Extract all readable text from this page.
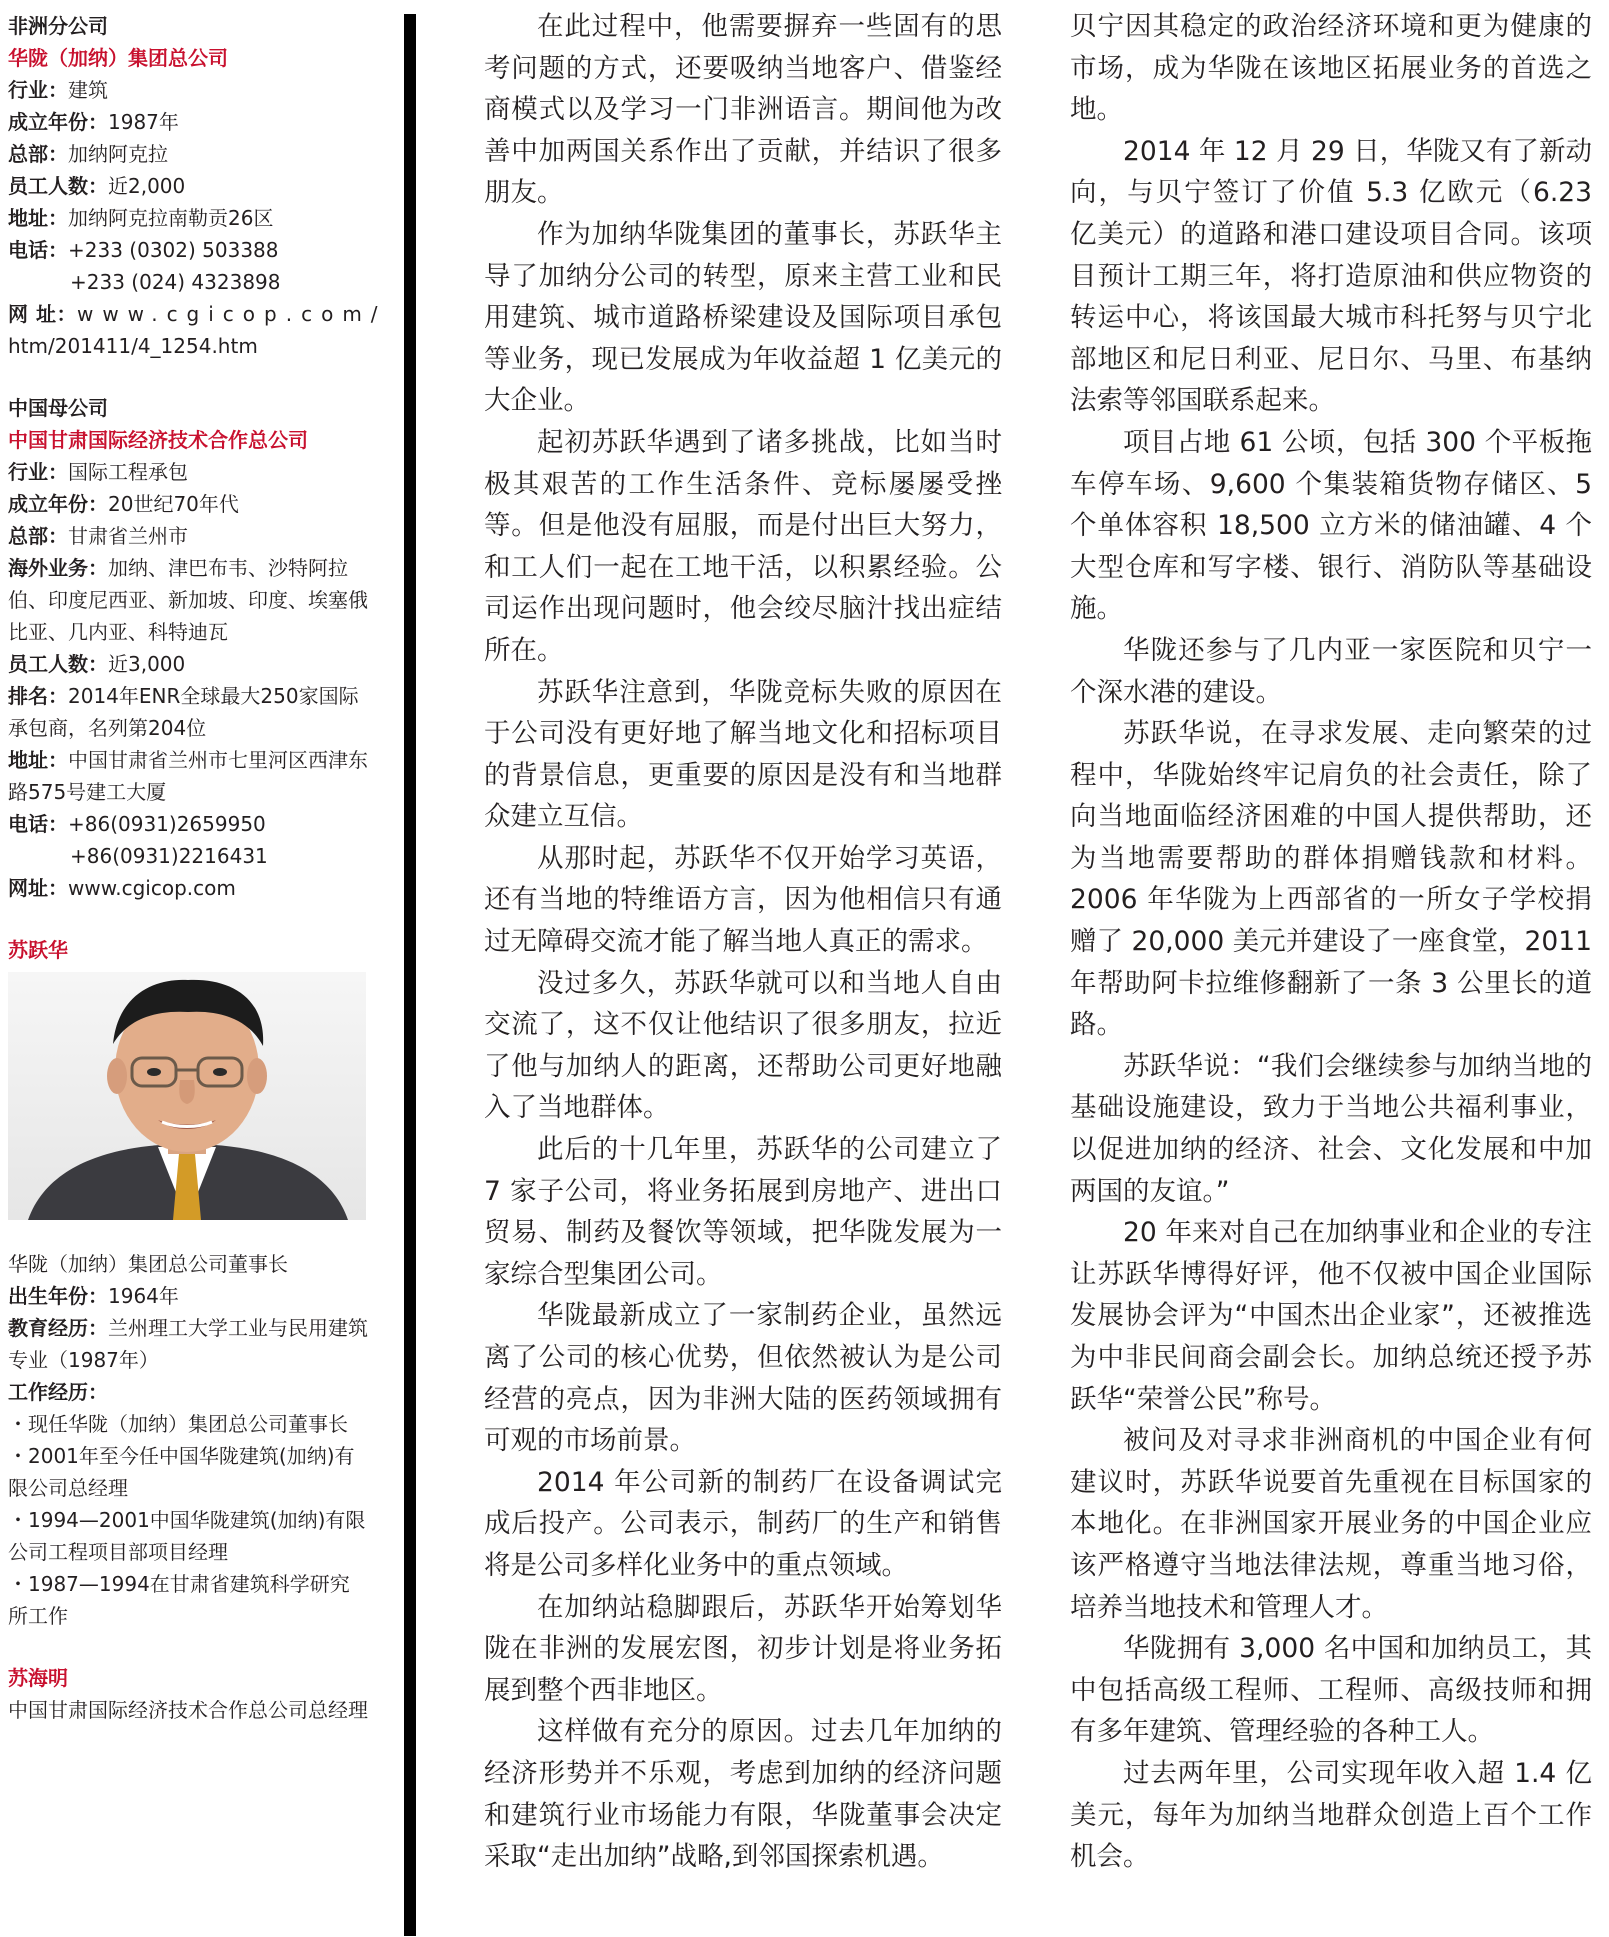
非洲分公司
华陇（加纳）集团总公司
行业：建筑
成立年份：1987年
总部：加纳阿克拉
员工人数：近2,000
地址：加纳阿克拉南勒贡26区
电话：+233 (0302) 503388
+233 (024) 4323898
网 址：www.cgicop.com/
htm/201411/4_1254.htm
中国母公司
中国甘肃国际经济技术合作总公司
行业：国际工程承包
成立年份：20世纪70年代
总部：甘肃省兰州市
海外业务：加纳、津巴布韦、沙特阿拉伯、印度尼西亚、新加坡、印度、埃塞俄比亚、几内亚、科特迪瓦
员工人数：近3,000
排名：2014年ENR全球最大250家国际承包商，名列第204位
地址：中国甘肃省兰州市七里河区西津东路575号建工大厦
电话：+86(0931)2659950
+86(0931)2216431
网址：www.cgicop.com
苏跃华
华陇（加纳）集团总公司董事长
出生年份：1964年
教育经历：兰州理工大学工业与民用建筑专业（1987年）
工作经历：
・现任华陇（加纳）集团总公司董事长
・2001年至今任中国华陇建筑(加纳)有限公司总经理
・1994—2001中国华陇建筑(加纳)有限公司工程项目部项目经理
・1987—1994在甘肃省建筑科学研究所工作
苏海明
中国甘肃国际经济技术合作总公司总经理

在此过程中，他需要摒弃一些固有的思考问题的方式，还要吸纳当地客户、借鉴经商模式以及学习一门非洲语言。期间他为改善中加两国关系作出了贡献，并结识了很多朋友。

作为加纳华陇集团的董事长，苏跃华主导了加纳分公司的转型，原来主营工业和民用建筑、城市道路桥梁建设及国际项目承包等业务，现已发展成为年收益超 1 亿美元的大企业。

起初苏跃华遇到了诸多挑战，比如当时极其艰苦的工作生活条件、竞标屡屡受挫等。但是他没有屈服，而是付出巨大努力，和工人们一起在工地干活，以积累经验。公司运作出现问题时，他会绞尽脑汁找出症结所在。

苏跃华注意到，华陇竞标失败的原因在于公司没有更好地了解当地文化和招标项目的背景信息，更重要的原因是没有和当地群众建立互信。

从那时起，苏跃华不仅开始学习英语，还有当地的特维语方言，因为他相信只有通过无障碍交流才能了解当地人真正的需求。

没过多久，苏跃华就可以和当地人自由交流了，这不仅让他结识了很多朋友，拉近了他与加纳人的距离，还帮助公司更好地融入了当地群体。

此后的十几年里，苏跃华的公司建立了 7 家子公司，将业务拓展到房地产、进出口贸易、制药及餐饮等领域，把华陇发展为一家综合型集团公司。

华陇最新成立了一家制药企业，虽然远离了公司的核心优势，但依然被认为是公司经营的亮点，因为非洲大陆的医药领域拥有可观的市场前景。

2014 年公司新的制药厂在设备调试完成后投产。公司表示，制药厂的生产和销售将是公司多样化业务中的重点领域。

在加纳站稳脚跟后，苏跃华开始筹划华陇在非洲的发展宏图，初步计划是将业务拓展到整个西非地区。

这样做有充分的原因。过去几年加纳的经济形势并不乐观，考虑到加纳的经济问题和建筑行业市场能力有限，华陇董事会决定采取“走出加纳”战略,到邻国探索机遇。

贝宁因其稳定的政治经济环境和更为健康的市场，成为华陇在该地区拓展业务的首选之地。

2014 年 12 月 29 日，华陇又有了新动向，与贝宁签订了价值 5.3 亿欧元（6.23 亿美元）的道路和港口建设项目合同。该项目预计工期三年，将打造原油和供应物资的转运中心，将该国最大城市科托努与贝宁北部地区和尼日利亚、尼日尔、马里、布基纳法索等邻国联系起来。

项目占地 61 公顷，包括 300 个平板拖车停车场、9,600 个集装箱货物存储区、5 个单体容积 18,500 立方米的储油罐、4 个大型仓库和写字楼、银行、消防队等基础设施。

华陇还参与了几内亚一家医院和贝宁一个深水港的建设。

苏跃华说，在寻求发展、走向繁荣的过程中，华陇始终牢记肩负的社会责任，除了向当地面临经济困难的中国人提供帮助，还为当地需要帮助的群体捐赠钱款和材料。2006 年华陇为上西部省的一所女子学校捐赠了 20,000 美元并建设了一座食堂，2011 年帮助阿卡拉维修翻新了一条 3 公里长的道路。

苏跃华说：“我们会继续参与加纳当地的基础设施建设，致力于当地公共福利事业，以促进加纳的经济、社会、文化发展和中加两国的友谊。”

20 年来对自己在加纳事业和企业的专注让苏跃华博得好评，他不仅被中国企业国际发展协会评为“中国杰出企业家”，还被推选为中非民间商会副会长。加纳总统还授予苏跃华“荣誉公民”称号。

被问及对寻求非洲商机的中国企业有何建议时，苏跃华说要首先重视在目标国家的本地化。在非洲国家开展业务的中国企业应该严格遵守当地法律法规，尊重当地习俗，培养当地技术和管理人才。

华陇拥有 3,000 名中国和加纳员工，其中包括高级工程师、工程师、高级技师和拥有多年建筑、管理经验的各种工人。

过去两年里，公司实现年收入超 1.4 亿美元，每年为加纳当地群众创造上百个工作机会。
